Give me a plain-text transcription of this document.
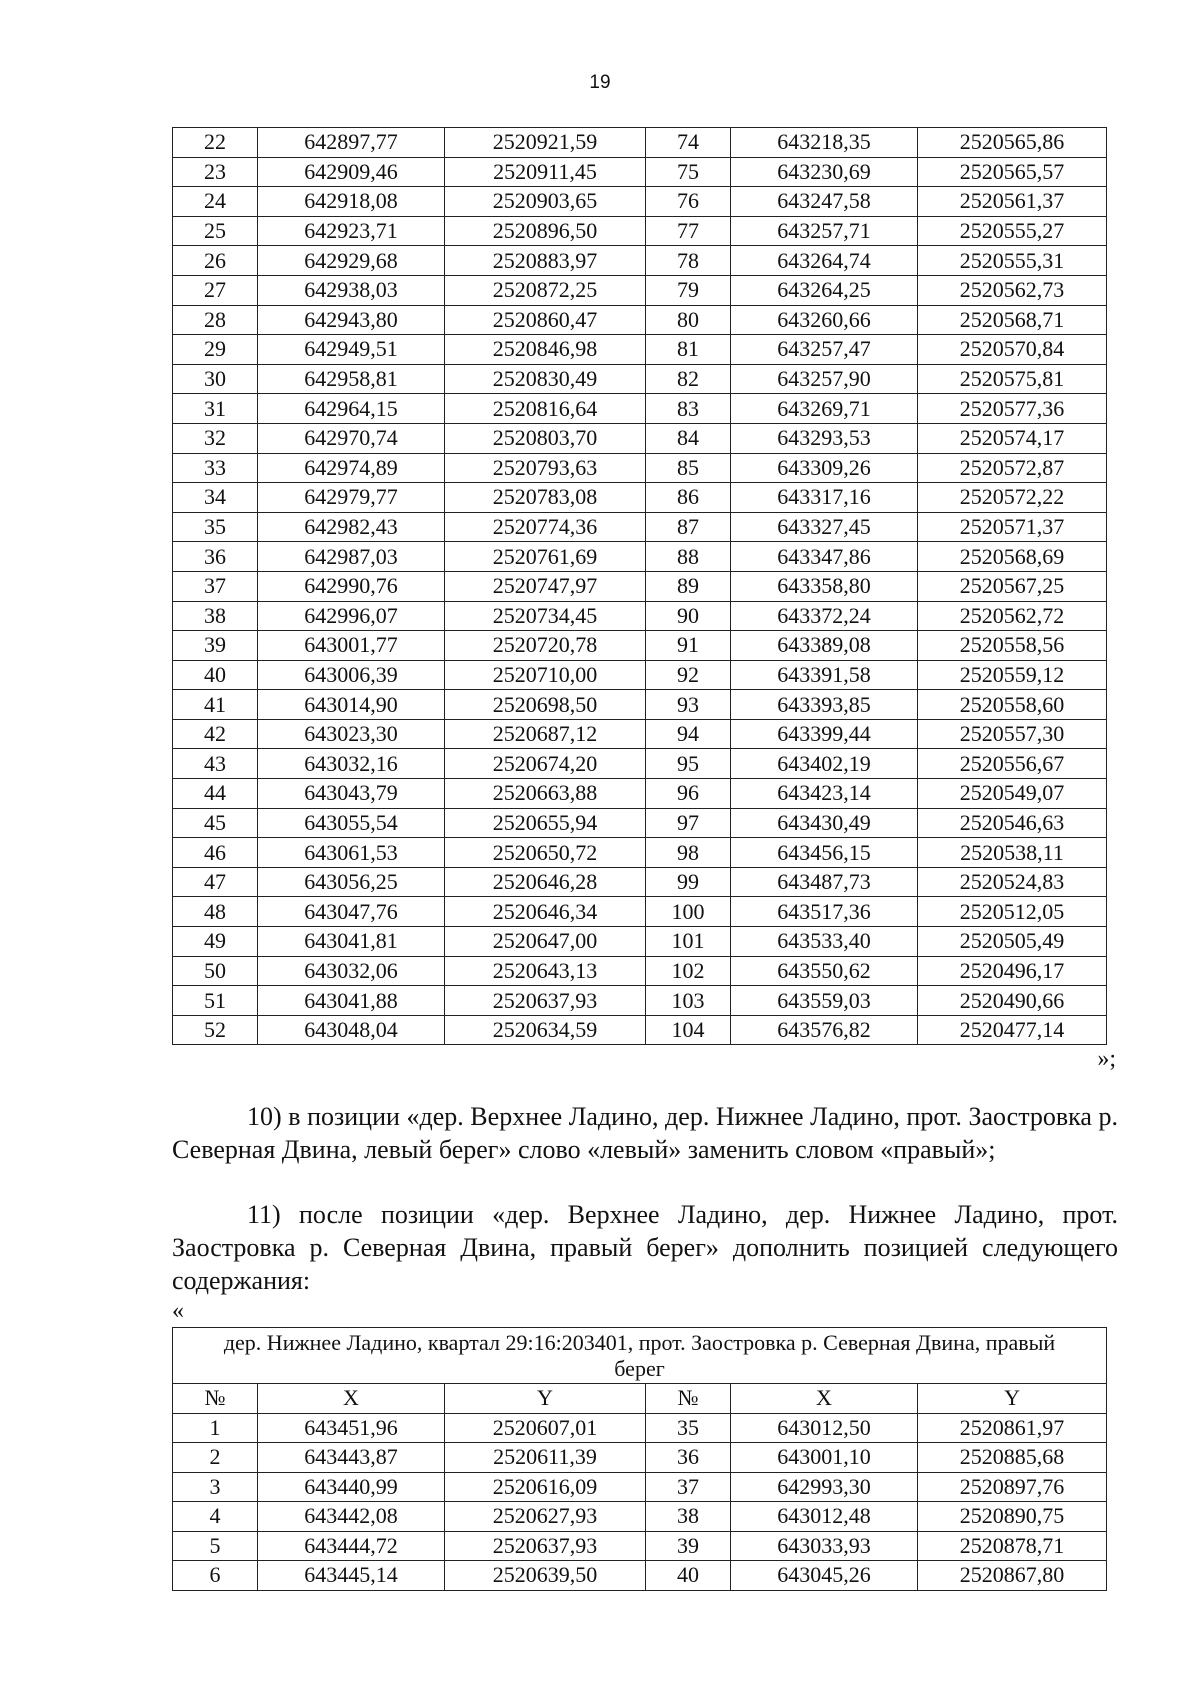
19
22	642897,77	2520921,59	74	643218,35	2520565,86
23	642909,46	2520911,45	75	643230,69	2520565,57
24	642918,08	2520903,65	76	643247,58	2520561,37
25	642923,71	2520896,50	77	643257,71	2520555,27
26	642929,68	2520883,97	78	643264,74	2520555,31
27	642938,03	2520872,25	79	643264,25	2520562,73
28	642943,80	2520860,47	80	643260,66	2520568,71
29	642949,51	2520846,98	81	643257,47	2520570,84
30	642958,81	2520830,49	82	643257,90	2520575,81
31	642964,15	2520816,64	83	643269,71	2520577,36
32	642970,74	2520803,70	84	643293,53	2520574,17
33	642974,89	2520793,63	85	643309,26	2520572,87
34	642979,77	2520783,08	86	643317,16	2520572,22
35	642982,43	2520774,36	87	643327,45	2520571,37
36	642987,03	2520761,69	88	643347,86	2520568,69
37	642990,76	2520747,97	89	643358,80	2520567,25
38	642996,07	2520734,45	90	643372,24	2520562,72
39	643001,77	2520720,78	91	643389,08	2520558,56
40	643006,39	2520710,00	92	643391,58	2520559,12
41	643014,90	2520698,50	93	643393,85	2520558,60
42	643023,30	2520687,12	94	643399,44	2520557,30
43	643032,16	2520674,20	95	643402,19	2520556,67
44	643043,79	2520663,88	96	643423,14	2520549,07
45	643055,54	2520655,94	97	643430,49	2520546,63
46	643061,53	2520650,72	98	643456,15	2520538,11
47	643056,25	2520646,28	99	643487,73	2520524,83
48	643047,76	2520646,34	100	643517,36	2520512,05
49	643041,81	2520647,00	101	643533,40	2520505,49
50	643032,06	2520643,13	102	643550,62	2520496,17
51	643041,88	2520637,93	103	643559,03	2520490,66
52	643048,04	2520634,59	104	643576,82	2520477,14
»;
10) в позиции «дер. Верхнее Ладино, дер. Нижнее Ладино, прот. Заостровка р. Северная Двина, левый берег» слово «левый» заменить словом «правый»;
11) после позиции «дер. Верхнее Ладино, дер. Нижнее Ладино, прот. Заостровка р. Северная Двина, правый берег» дополнить позицией следующего содержания:
«
дер. Нижнее Ладино, квартал 29:16:203401, прот. Заостровка р. Северная Двина, правый берег					
№	X	Y	№	X	Y
1	643451,96	2520607,01	35	643012,50	2520861,97
2	643443,87	2520611,39	36	643001,10	2520885,68
3	643440,99	2520616,09	37	642993,30	2520897,76
4	643442,08	2520627,93	38	643012,48	2520890,75
5	643444,72	2520637,93	39	643033,93	2520878,71
6	643445,14	2520639,50	40	643045,26	2520867,80
